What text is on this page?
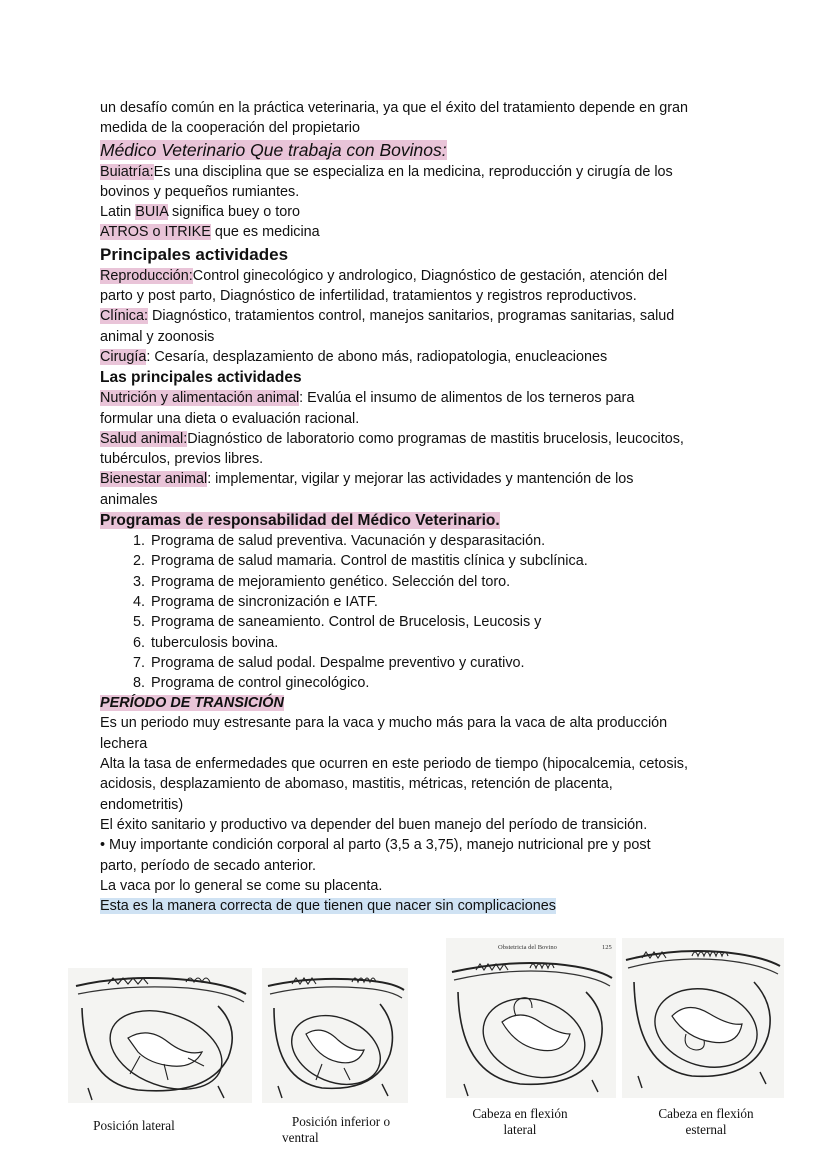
un desafío común en la práctica veterinaria, ya que el éxito del tratamiento depende en gran

medida de la cooperación del propietario

Médico Veterinario Que trabaja con Bovinos:

Buiatría:Es una disciplina que se especializa en la medicina, reproducción y cirugía de los

bovinos y pequeños rumiantes.

Latin BUIA significa buey o toro

ATROS o ITRIKE que es medicina

Principales actividades

Reproducción:Control ginecológico y andrologico, Diagnóstico de gestación, atención del

parto y post parto, Diagnóstico de infertilidad, tratamientos y registros reproductivos.

Clínica: Diagnóstico, tratamientos control, manejos sanitarios, programas sanitarias, salud

animal y zoonosis

Cirugía: Cesaría, desplazamiento de abono más, radiopatologia, enucleaciones

Las principales actividades

Nutrición y alimentación animal: Evalúa el insumo de alimentos de los terneros para

formular una dieta o evaluación racional.

Salud animal:Diagnóstico de laboratorio como programas de mastitis brucelosis, leucocitos,

tubérculos, previos libres.

Bienestar animal: implementar, vigilar y mejorar las actividades y mantención de los

animales

Programas de responsabilidad del Médico Veterinario.
1. Programa de salud preventiva. Vacunación y desparasitación.
2. Programa de salud mamaria. Control de mastitis clínica y subclínica.
3. Programa de mejoramiento genético. Selección del toro.
4. Programa de sincronización e IATF.
5. Programa de saneamiento. Control de Brucelosis, Leucosis y
6. tuberculosis bovina.
7. Programa de salud podal. Despalme preventivo y curativo.
8. Programa de control ginecológico.
PERÍODO DE TRANSICIÓN

Es un periodo muy estresante para la vaca y mucho más para la vaca de alta producción

lechera

Alta la tasa de enfermedades que ocurren en este periodo de tiempo (hipocalcemia, cetosis,

acidosis, desplazamiento de abomaso, mastitis, métricas, retención de placenta,

endometritis)

El éxito sanitario y productivo va depender del buen manejo del período de transición.

• Muy importante condición corporal al parto (3,5 a 3,75), manejo nutricional pre y post

parto, período de secado anterior.

La vaca por lo general se come su placenta.

Esta es la manera correcta de que tienen que nacer sin complicaciones

Posición lateral	Posición inferior o
ventral
Obstetricia del Bovino	125
Cabeza en flexión
lateral
Cabeza en flexión
esternal
